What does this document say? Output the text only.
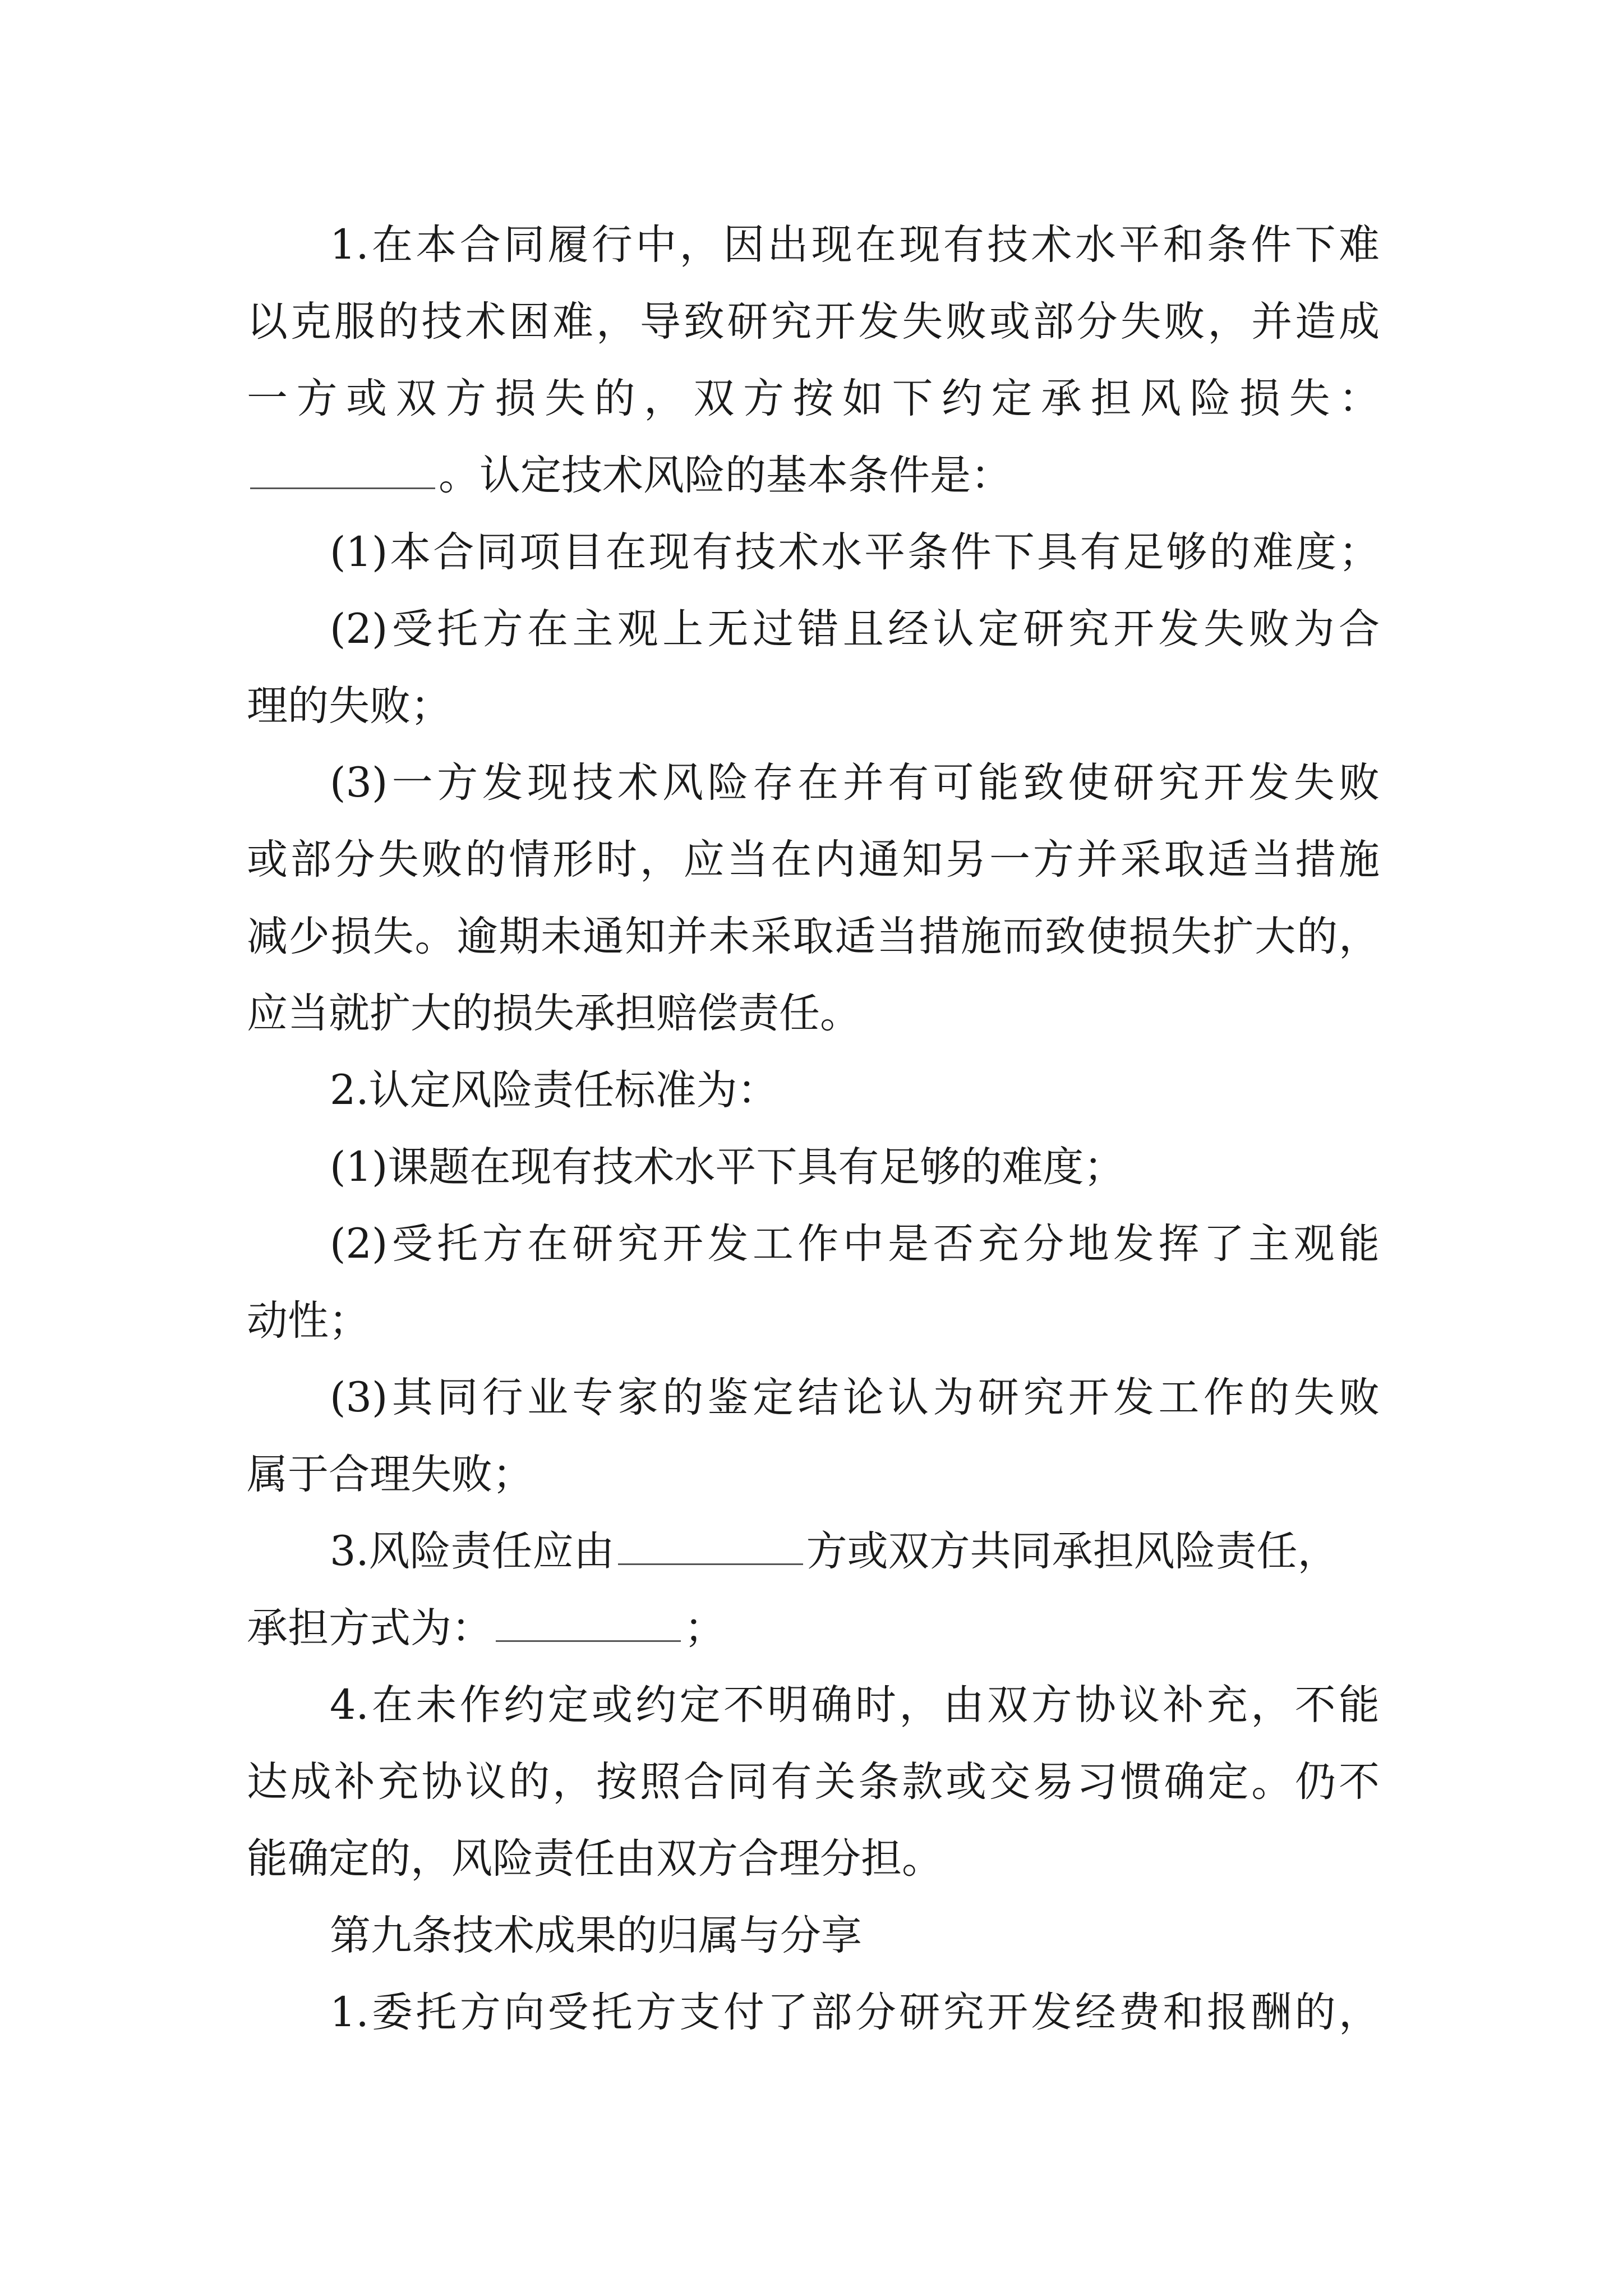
1.在本合同履行中，因出现在现有技术水平和条件下难
以克服的技术困难，导致研究开发失败或部分失败，并造成
一方或双方损失的，双方按如下约定承担风险损失：
。认定技术风险的基本条件是：
(1)本合同项目在现有技术水平条件下具有足够的难度；
(2)受托方在主观上无过错且经认定研究开发失败为合
理的失败；
(3)一方发现技术风险存在并有可能致使研究开发失败
或部分失败的情形时，应当在内通知另一方并采取适当措施
减少损失。逾期未通知并未采取适当措施而致使损失扩大的，
应当就扩大的损失承担赔偿责任。
2.认定风险责任标准为：
(1)课题在现有技术水平下具有足够的难度；
(2)受托方在研究开发工作中是否充分地发挥了主观能
动性；
(3)其同行业专家的鉴定结论认为研究开发工作的失败
属于合理失败；
3.风险责任应由	方或双方共同承担风险责任，
承担方式为：	；
4.在未作约定或约定不明确时，由双方协议补充，不能
达成补充协议的，按照合同有关条款或交易习惯确定。仍不
能确定的，风险责任由双方合理分担。
第九条技术成果的归属与分享
1.委托方向受托方支付了部分研究开发经费和报酬的，
